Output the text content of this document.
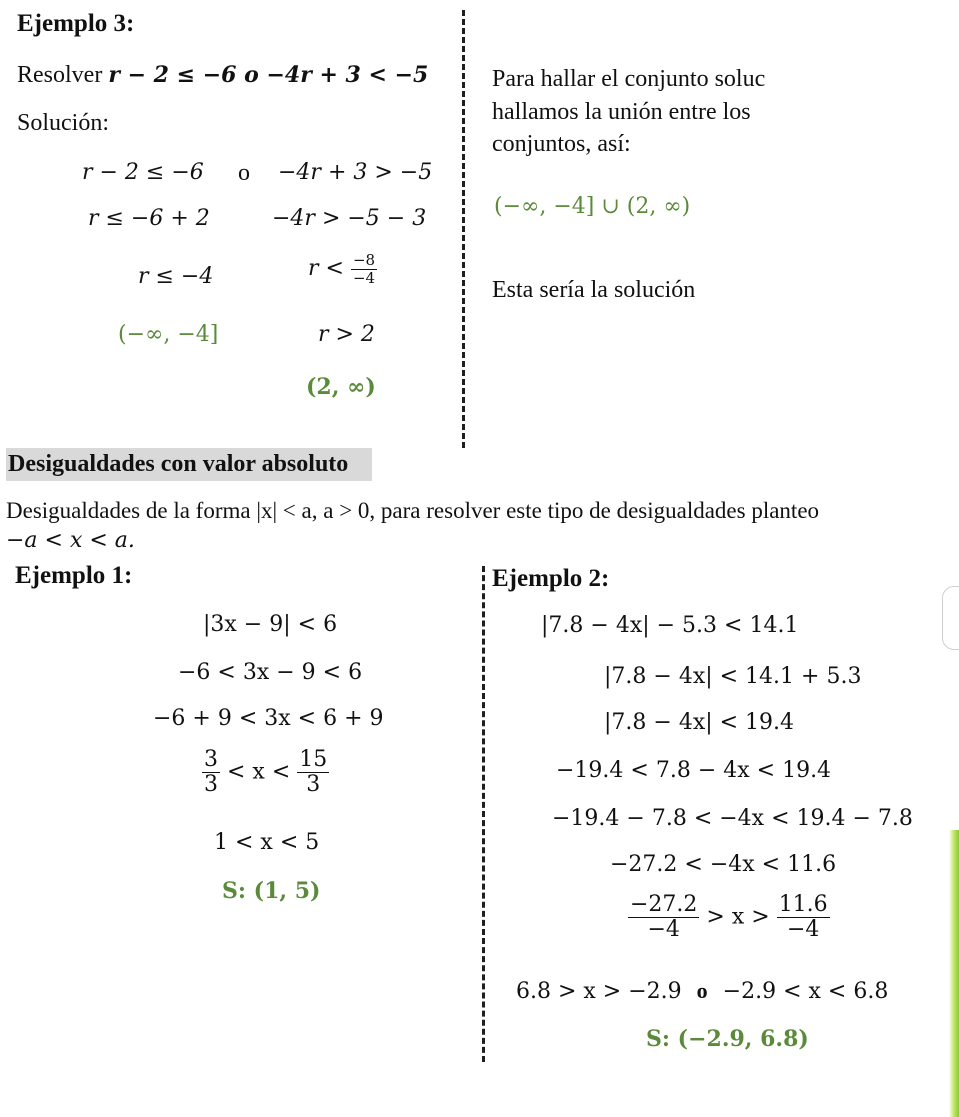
Ejemplo 3:
Resolver r − 2 ≤ −6 o −4r + 3 < −5
Solución:
r − 2 ≤ −6 o −4r + 3 > −5
r ≤ −6 + 2	−4r > −5 − 3
r ≤ −4	$r < \frac{-8}{-4}$
(−∞, −4]	r > 2
(2, ∞)
Para hallar el conjunto soluc
hallamos la unión entre los
conjuntos, así:
(−∞, −4] ∪ (2, ∞)
Esta sería la solución
Desigualdades con valor absoluto
Desigualdades de la forma |x| < a, a > 0, para resolver este tipo de desigualdades planteo
−a < x < a.
Ejemplo 1:
|3x − 9| < 6
−6 < 3x − 9 < 6
−6 + 9 < 3x < 6 + 9
$\frac{3}{3} < x < \frac{15}{3}$
1 < x < 5
S: (1, 5)
Ejemplo 2:
|7.8 − 4x| − 5.3 < 14.1
|7.8 − 4x| < 14.1 + 5.3
|7.8 − 4x| < 19.4
−19.4 < 7.8 − 4x < 19.4
−19.4 − 7.8 < −4x < 19.4 − 7.8
−27.2 < −4x < 11.6
$\frac{-27.2}{-4} > x > \frac{11.6}{-4}$
6.8 > x > −2.9 o −2.9 < x < 6.8
S: (−2.9, 6.8)
